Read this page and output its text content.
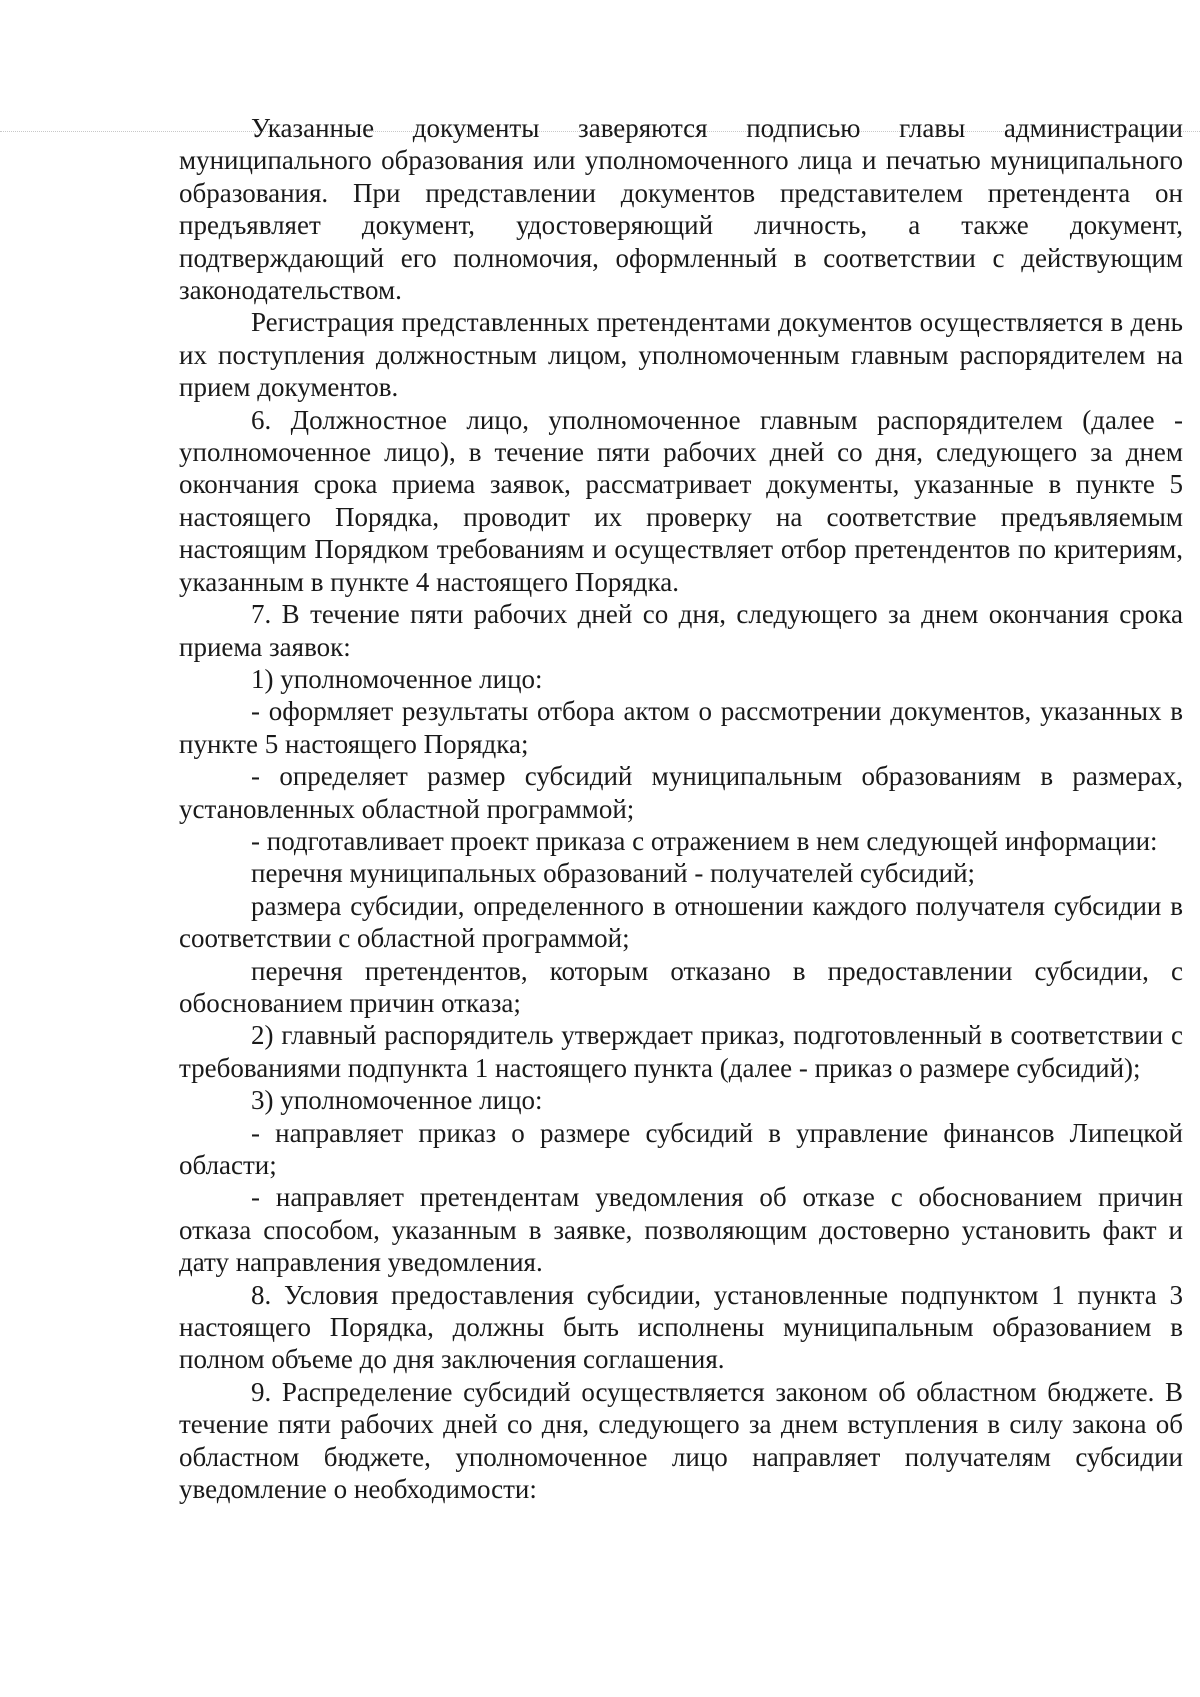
Указанные документы заверяются подписью главы администрации муниципального образования или уполномоченного лица и печатью муниципального образования. При представлении документов представителем претендента он предъявляет документ, удостоверяющий личность, а также документ, подтверждающий его полномочия, оформленный в соответствии с действующим законодательством.

Регистрация представленных претендентами документов осуществляется в день их поступления должностным лицом, уполномоченным главным распорядителем на прием документов.

6. Должностное лицо, уполномоченное главным распорядителем (далее - уполномоченное лицо), в течение пяти рабочих дней со дня, следующего за днем окончания срока приема заявок, рассматривает документы, указанные в пункте 5 настоящего Порядка, проводит их проверку на соответствие предъявляемым настоящим Порядком требованиям и осуществляет отбор претендентов по критериям, указанным в пункте 4 настоящего Порядка.

7. В течение пяти рабочих дней со дня, следующего за днем окончания срока приема заявок:

1) уполномоченное лицо:

- оформляет результаты отбора актом о рассмотрении документов, указанных в пункте 5 настоящего Порядка;

- определяет размер субсидий муниципальным образованиям в размерах, установленных областной программой;

- подготавливает проект приказа с отражением в нем следующей информации:

перечня муниципальных образований - получателей субсидий;

размера субсидии, определенного в отношении каждого получателя субсидии в соответствии с областной программой;

перечня претендентов, которым отказано в предоставлении субсидии, с обоснованием причин отказа;

2) главный распорядитель утверждает приказ, подготовленный в соответствии с требованиями подпункта 1 настоящего пункта (далее - приказ о размере субсидий);

3) уполномоченное лицо:

- направляет приказ о размере субсидий в управление финансов Липецкой области;

- направляет претендентам уведомления об отказе с обоснованием причин отказа способом, указанным в заявке, позволяющим достоверно установить факт и дату направления уведомления.

8. Условия предоставления субсидии, установленные подпунктом 1 пункта 3 настоящего Порядка, должны быть исполнены муниципальным образованием в полном объеме до дня заключения соглашения.

9. Распределение субсидий осуществляется законом об областном бюджете. В течение пяти рабочих дней со дня, следующего за днем вступления в силу закона об областном бюджете, уполномоченное лицо направляет получателям субсидии уведомление о необходимости:
